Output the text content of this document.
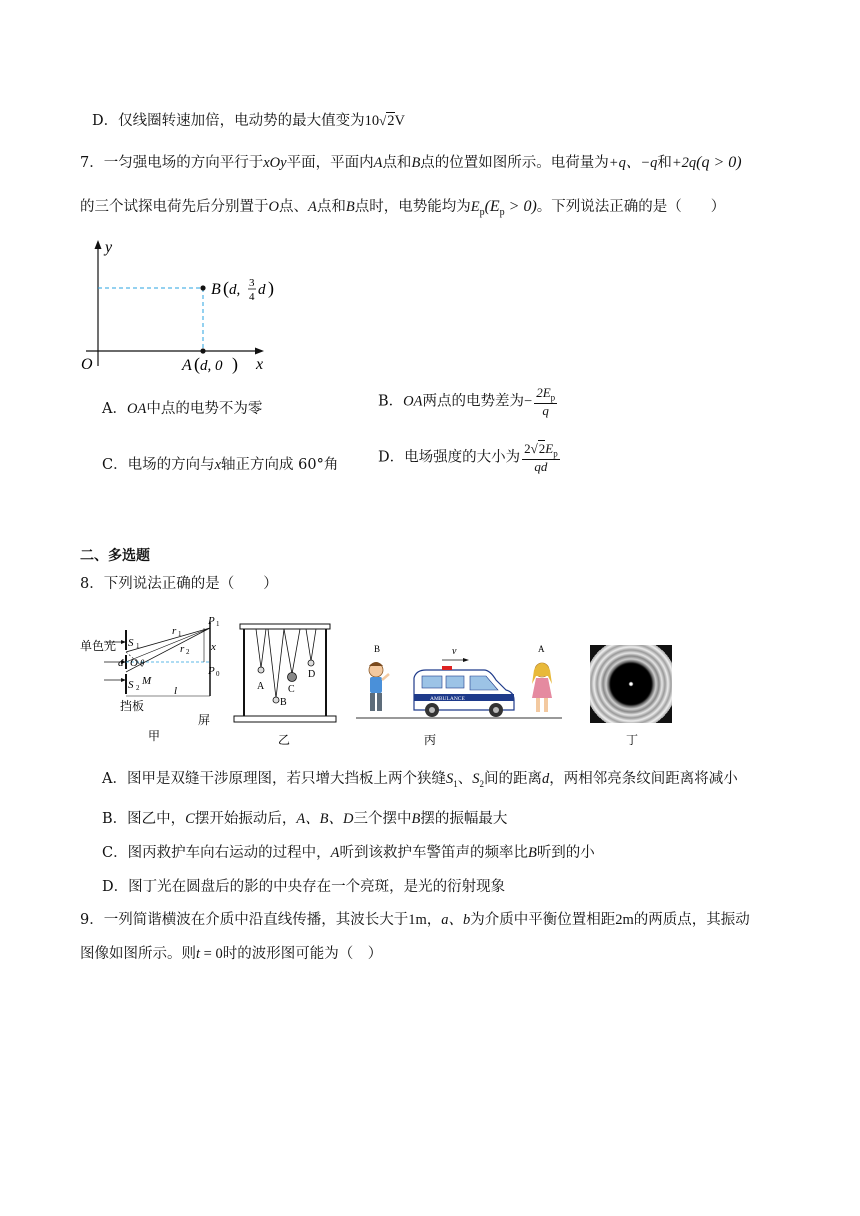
D．仅线圈转速加倍，电动势的最大值变为10√2V
7．一匀强电场的方向平行于xOy平面，平面内A点和B点的位置如图所示。电荷量为+q、−q和+2q(q > 0)
的三个试探电荷先后分别置于O点、A点和B点时，电势能均为$E_p(E_p > 0)$。下列说法正确的是（　　）
y
x
O
B ( d, 3
4 d )
A ( d, 0 )
A．OA中点的电势不为零	B．OA两点的电势差为− $\frac{2E_p}{q}$
C．电场的方向与x轴正方向成 60°角	D．电场强度的大小为 $\frac{2√2E_p}{qd}$
二、多选题
8．下列说法正确的是（　　）
单色光 S 1
S 2
d O θ
M
r 1
r 2
P 1
P 0
x
l
挡板
屏
甲
A
B
C
D
乙
B	v
AMBULANCE
A
丙	丁
A．图甲是双缝干涉原理图，若只增大挡板上两个狭缝$S_1$、$S_2$间的距离d，两相邻亮条纹间距离将减小
B．图乙中，C摆开始振动后，A、B、D三个摆中B摆的振幅最大
C．图丙救护车向右运动的过程中，A听到该救护车警笛声的频率比B听到的小
D．图丁光在圆盘后的影的中央存在一个亮斑，是光的衍射现象
9．一列简谐横波在介质中沿直线传播，其波长大于1m，a、b为介质中平衡位置相距2m的两质点，其振动
图像如图所示。则t = 0时的波形图可能为（　）
